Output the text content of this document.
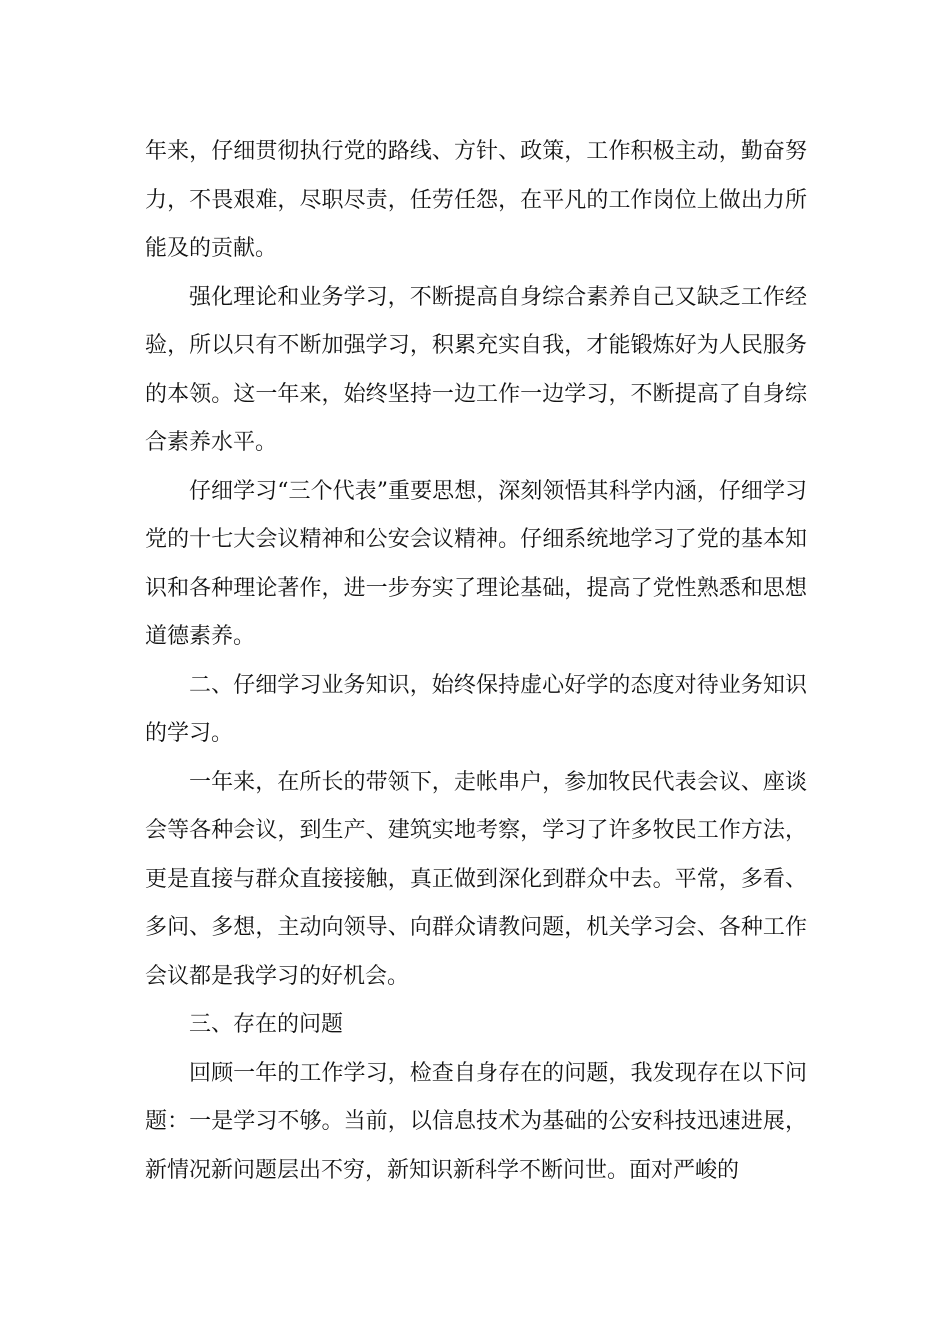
年来，仔细贯彻执行党的路线、方针、政策，工作积极主动，勤奋努力，不畏艰难，尽职尽责，任劳任怨，在平凡的工作岗位上做出力所能及的贡献。

强化理论和业务学习，不断提高自身综合素养自己又缺乏工作经验，所以只有不断加强学习，积累充实自我，才能锻炼好为人民服务的本领。这一年来，始终坚持一边工作一边学习，不断提高了自身综合素养水平。

仔细学习“三个代表”重要思想，深刻领悟其科学内涵，仔细学习党的十七大会议精神和公安会议精神。仔细系统地学习了党的基本知识和各种理论著作，进一步夯实了理论基础，提高了党性熟悉和思想道德素养。

二、仔细学习业务知识，始终保持虚心好学的态度对待业务知识的学习。

一年来，在所长的带领下，走帐串户，参加牧民代表会议、座谈会等各种会议，到生产、建筑实地考察，学习了许多牧民工作方法，更是直接与群众直接接触，真正做到深化到群众中去。平常，多看、多问、多想，主动向领导、向群众请教问题，机关学习会、各种工作会议都是我学习的好机会。

三、存在的问题

回顾一年的工作学习，检查自身存在的问题，我发现存在以下问题：一是学习不够。当前，以信息技术为基础的公安科技迅速进展，新情况新问题层出不穷，新知识新科学不断问世。面对严峻的
